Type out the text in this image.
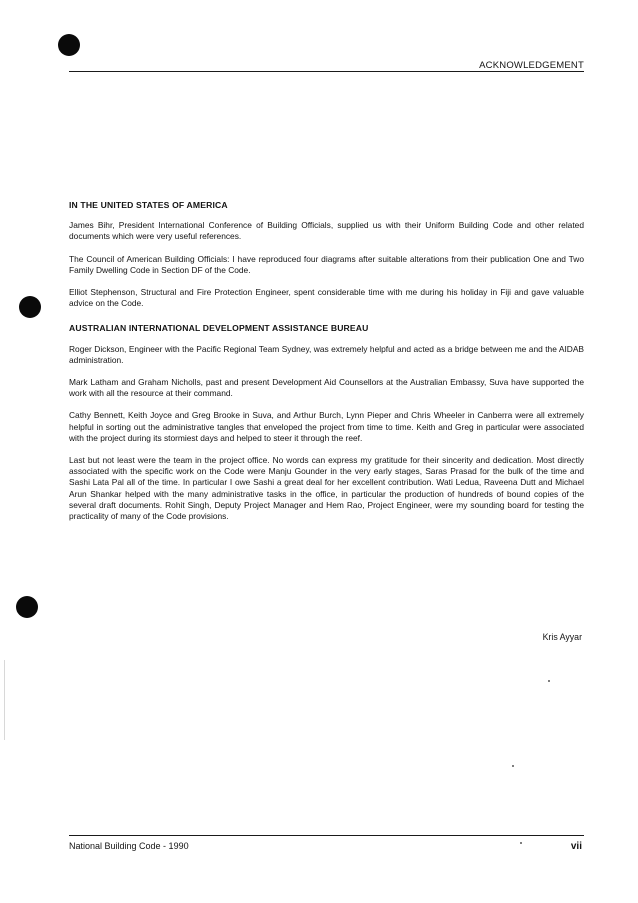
ACKNOWLEDGEMENT
IN THE UNITED STATES OF AMERICA

James Bihr, President International Conference of Building Officials, supplied us with their Uniform Building Code and other related documents which were very useful references.

The Council of American Building Officials: I have reproduced four diagrams after suitable alterations from their publication One and Two Family Dwelling Code in Section DF of the Code.

Elliot Stephenson, Structural and Fire Protection Engineer, spent considerable time with me during his holiday in Fiji and gave valuable advice on the Code.

AUSTRALIAN INTERNATIONAL DEVELOPMENT ASSISTANCE BUREAU

Roger Dickson, Engineer with the Pacific Regional Team Sydney, was extremely helpful and acted as a bridge between me and the AIDAB administration.

Mark Latham and Graham Nicholls, past and present Development Aid Counsellors at the Australian Embassy, Suva have supported the work with all the resource at their command.

Cathy Bennett, Keith Joyce and Greg Brooke in Suva, and Arthur Burch, Lynn Pieper and Chris Wheeler in Canberra were all extremely helpful in sorting out the administrative tangles that enveloped the project from time to time. Keith and Greg in particular were associated with the project during its stormiest days and helped to steer it through the reef.

Last but not least were the team in the project office. No words can express my gratitude for their sincerity and dedication. Most directly associated with the specific work on the Code were Manju Gounder in the very early stages, Saras Prasad for the bulk of the time and Sashi Lata Pal all of the time. In particular I owe Sashi a great deal for her excellent contribution. Wati Ledua, Raveena Dutt and Michael Arun Shankar helped with the many administrative tasks in the office, in particular the production of hundreds of bound copies of the several draft documents. Rohit Singh, Deputy Project Manager and Hem Rao, Project Engineer, were my sounding board for testing the practicality of many of the Code provisions.

Kris Ayyar
National Building Code - 1990	vii
